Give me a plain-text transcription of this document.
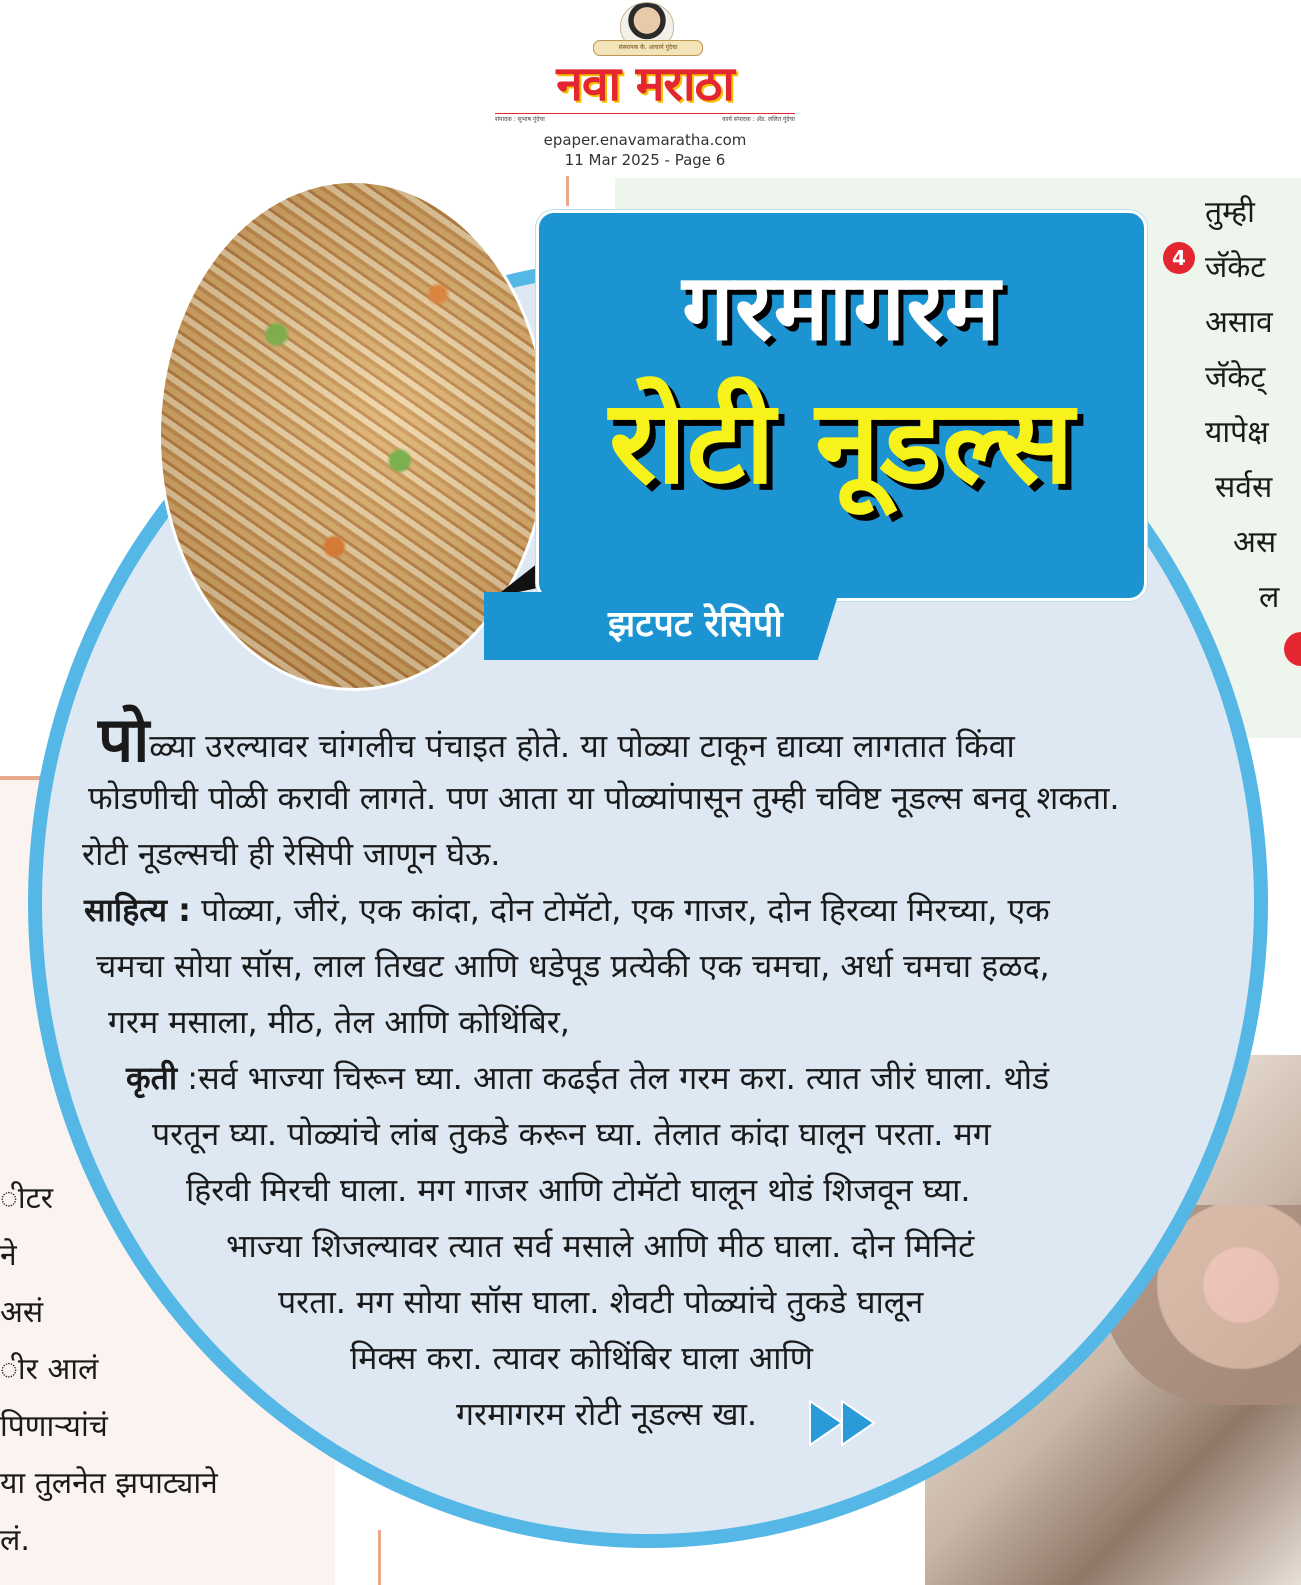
संस्थापक के. आचार्य गुंदेचा
नवा मराठा
संपादक : सुभाष गुंदेचा	कार्य संपादक : ॲड. ललित गुंदेचा
epaper.enavamaratha.com
11 Mar 2025 - Page 6
4
तुम्ही
जॅकेट
असाव
जॅकेट्
यापेक्ष
सर्वस
अस
ल
ीटर
ने
असं
ीर आलं
पिणाऱ्यांचं
या तुलनेत झपाट्याने
लं.
गरमागरम
रोटी नूडल्स
झटपट रेसिपी
पोळ्या उरल्यावर चांगलीच पंचाइत होते. या पोळ्या टाकून द्याव्या लागतात किंवा
फोडणीची पोळी करावी लागते. पण आता या पोळ्यांपासून तुम्ही चविष्ट नूडल्स बनवू शकता.
रोटी नूडल्सची ही रेसिपी जाणून घेऊ.
साहित्य : पोळ्या, जीरं, एक कांदा, दोन टोमॅटो, एक गाजर, दोन हिरव्या मिरच्या, एक
चमचा सोया सॉस, लाल तिखट आणि धडेपूड प्रत्येकी एक चमचा, अर्धा चमचा हळद,
गरम मसाला, मीठ, तेल आणि कोथिंबिर,
कृती :सर्व भाज्या चिरून घ्या. आता कढईत तेल गरम करा. त्यात जीरं घाला. थोडं
परतून घ्या. पोळ्यांचे लांब तुकडे करून घ्या. तेलात कांदा घालून परता. मग
हिरवी मिरची घाला. मग गाजर आणि टोमॅटो घालून थोडं शिजवून घ्या.
भाज्या शिजल्यावर त्यात सर्व मसाले आणि मीठ घाला. दोन मिनिटं
परता. मग सोया सॉस घाला. शेवटी पोळ्यांचे तुकडे घालून
मिक्स करा. त्यावर कोथिंबिर घाला आणि
गरमागरम रोटी नूडल्स खा.
